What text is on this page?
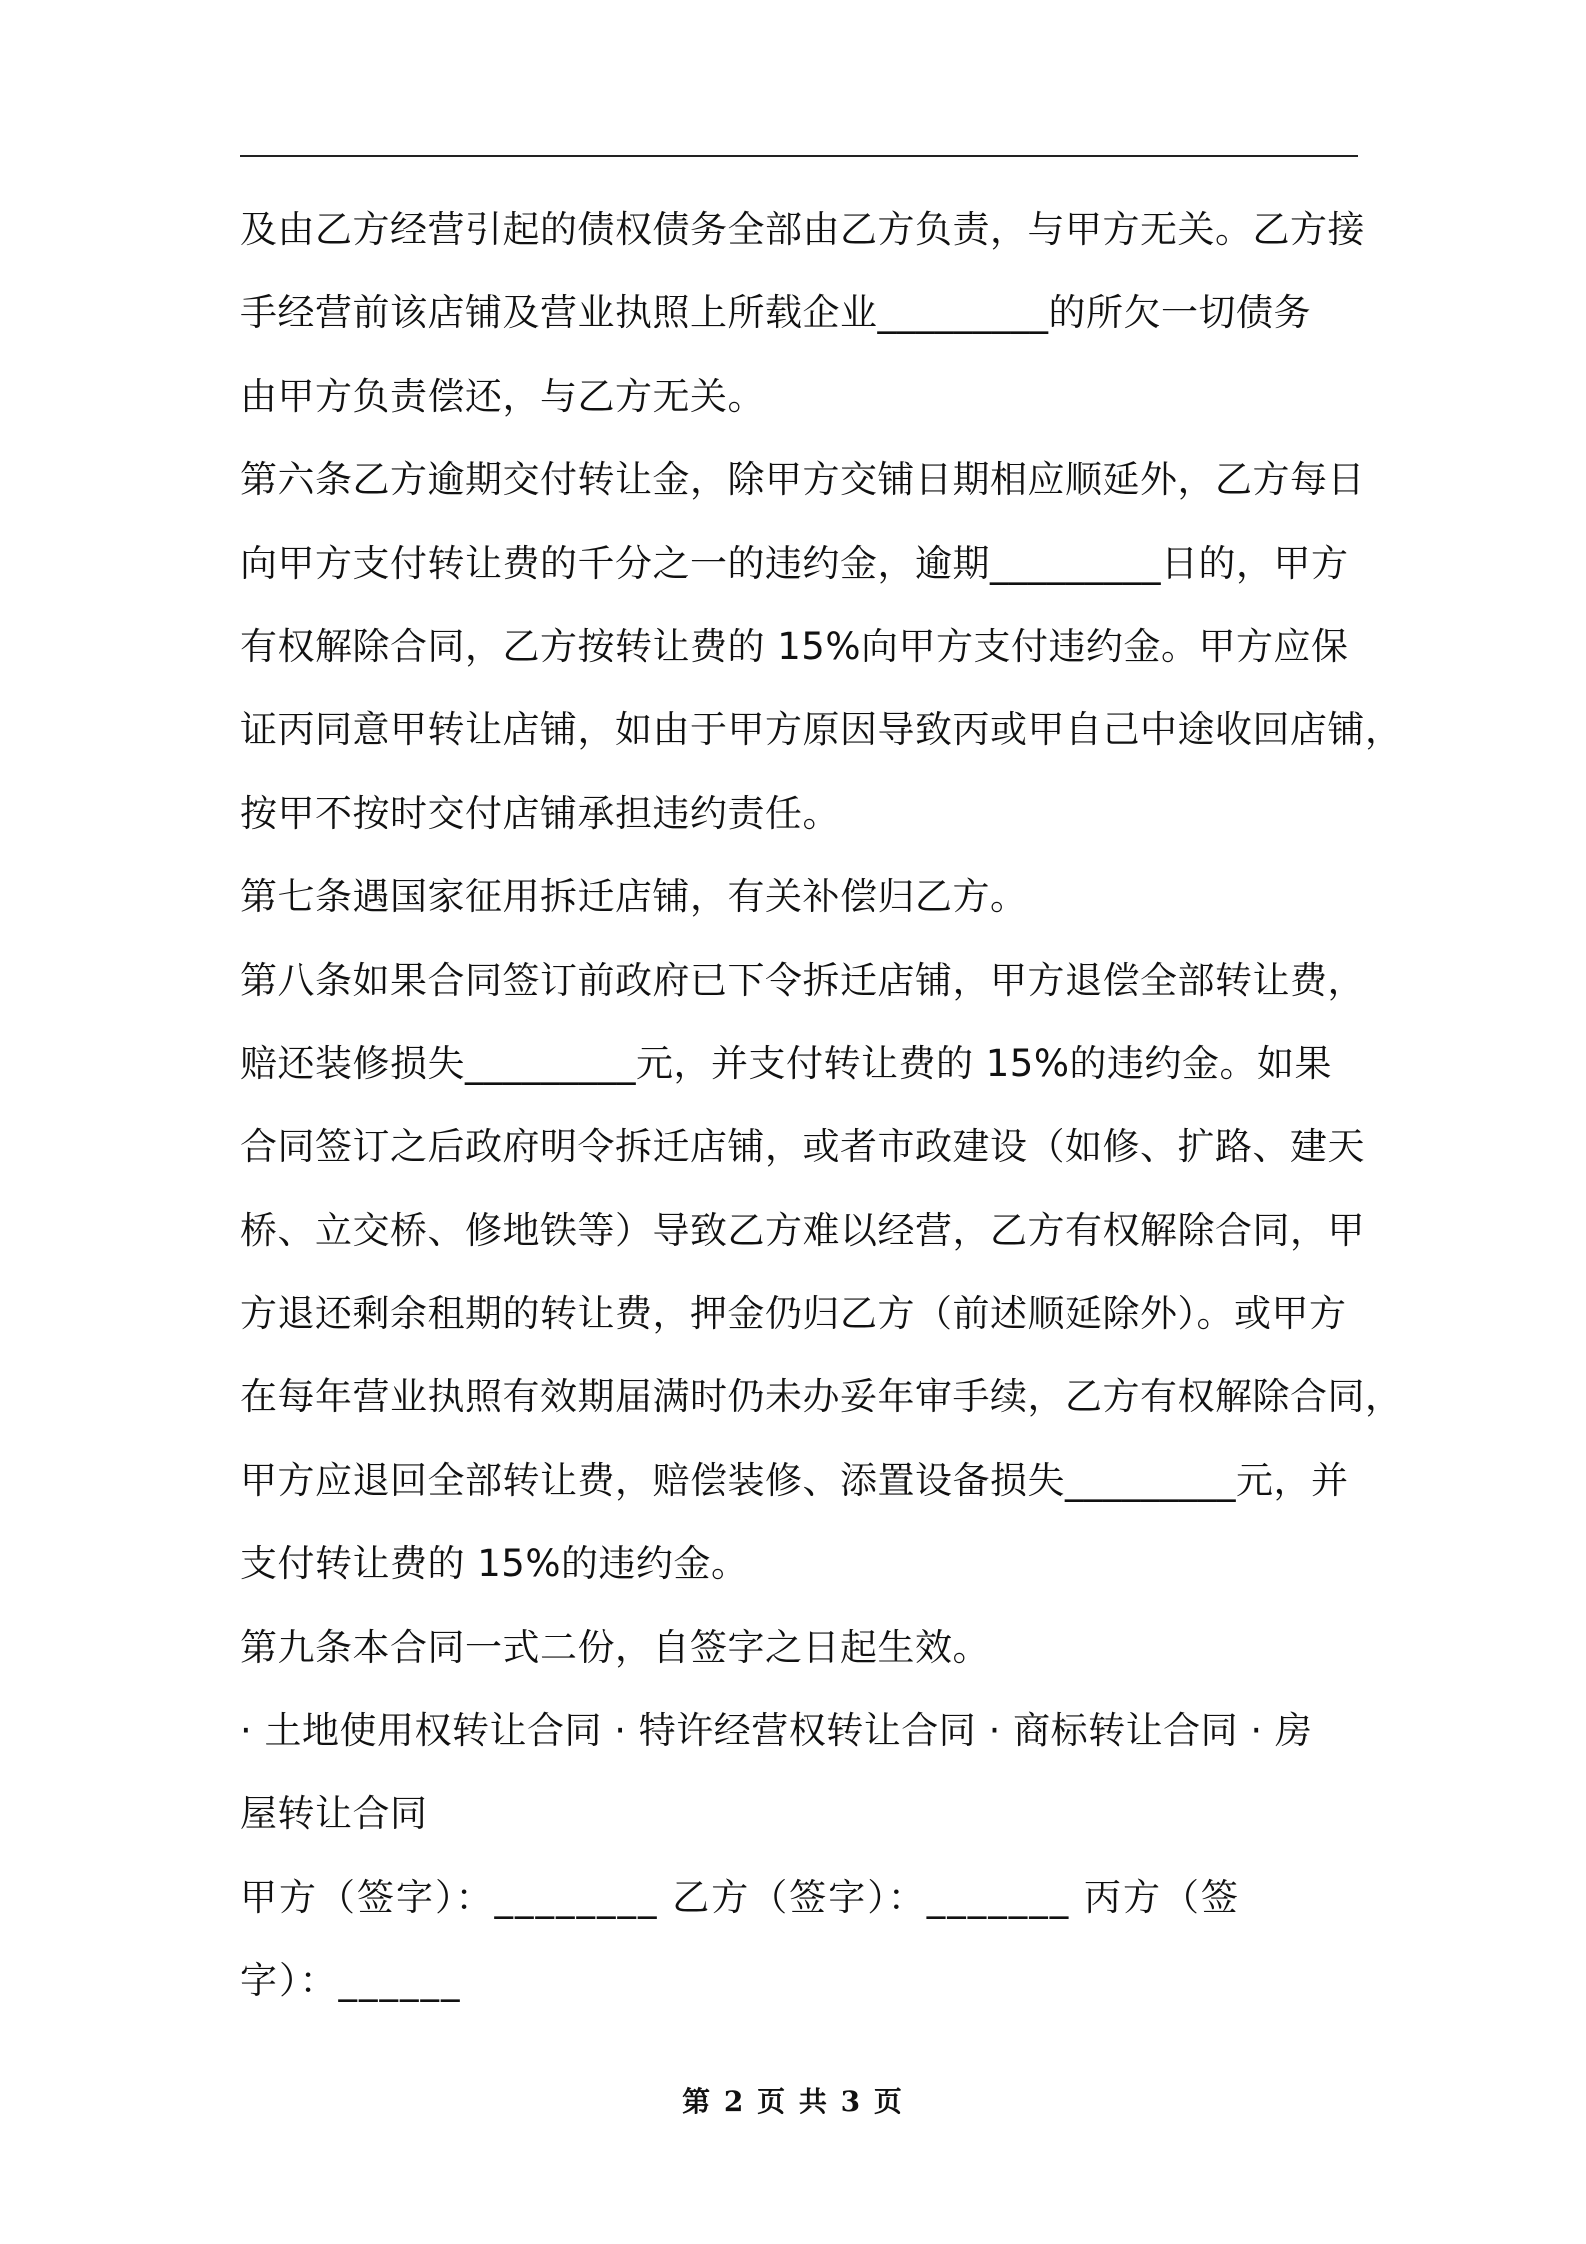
及由乙方经营引起的债权债务全部由乙方负责，与甲方无关。乙方接
手经营前该店铺及营业执照上所载企业_________的所欠一切债务
由甲方负责偿还，与乙方无关。
第六条乙方逾期交付转让金，除甲方交铺日期相应顺延外，乙方每日
向甲方支付转让费的千分之一的违约金，逾期_________日的，甲方
有权解除合同，乙方按转让费的 15%向甲方支付违约金。甲方应保
证丙同意甲转让店铺，如由于甲方原因导致丙或甲自己中途收回店铺，
按甲不按时交付店铺承担违约责任。
第七条遇国家征用拆迁店铺，有关补偿归乙方。
第八条如果合同签订前政府已下令拆迁店铺，甲方退偿全部转让费，
赔还装修损失_________元，并支付转让费的 15%的违约金。如果
合同签订之后政府明令拆迁店铺，或者市政建设（如修、扩路、建天
桥、立交桥、修地铁等）导致乙方难以经营，乙方有权解除合同，甲
方退还剩余租期的转让费，押金仍归乙方（前述顺延除外）。或甲方
在每年营业执照有效期届满时仍未办妥年审手续，乙方有权解除合同，
甲方应退回全部转让费，赔偿装修、添置设备损失_________元，并
支付转让费的 15%的违约金。
第九条本合同一式二份，自签字之日起生效。
· 土地使用权转让合同 · 特许经营权转让合同 · 商标转让合同 · 房
屋转让合同
甲方（签字）：________ 乙方（签字）：_______ 丙方（签
字）：______
第 2 页 共 3 页
